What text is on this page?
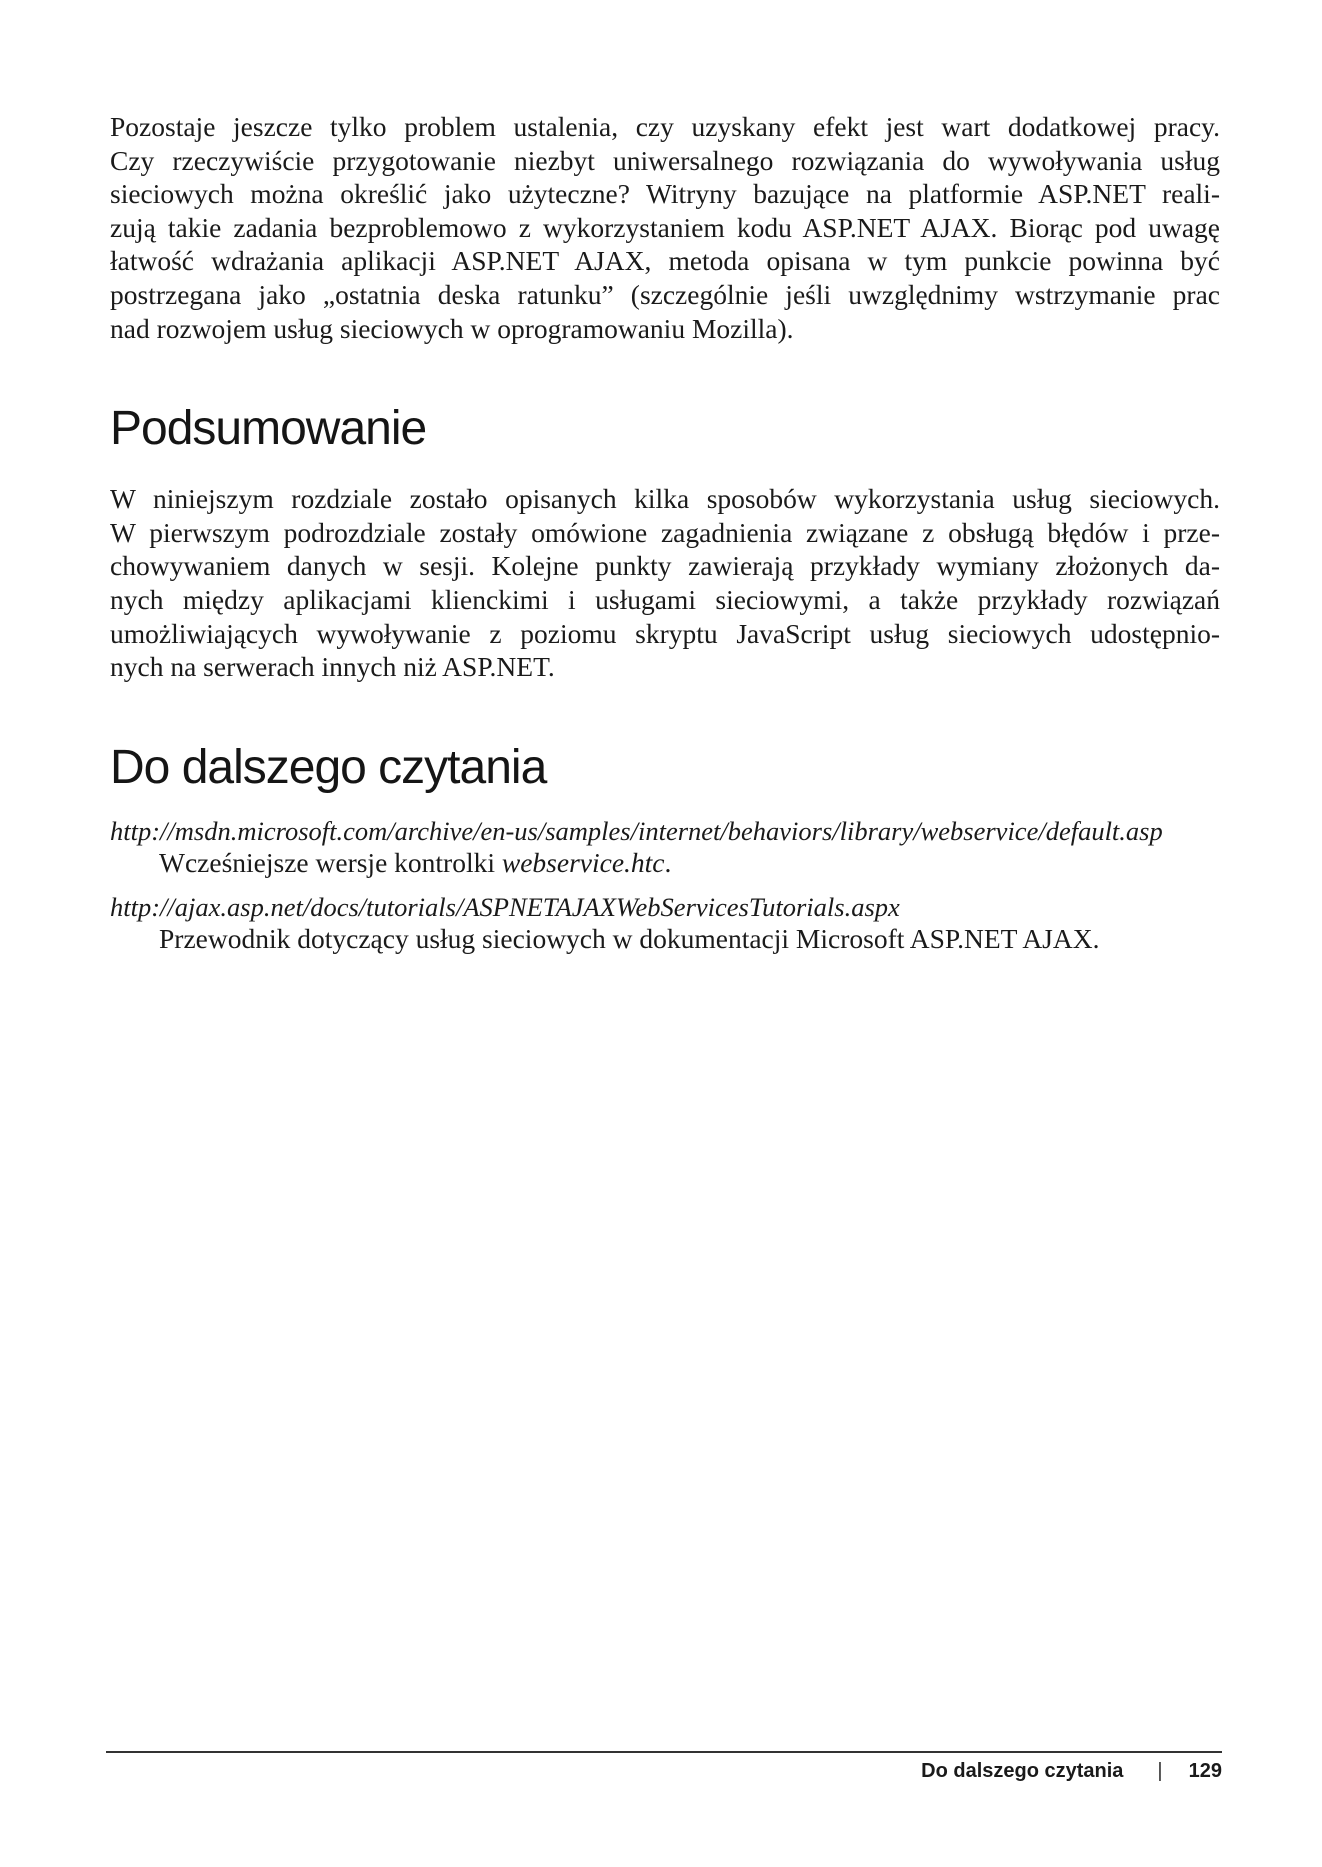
Pozostaje jeszcze tylko problem ustalenia, czy uzyskany efekt jest wart dodatkowej pracy.
Czy rzeczywiście przygotowanie niezbyt uniwersalnego rozwiązania do wywoływania usług
sieciowych można określić jako użyteczne? Witryny bazujące na platformie ASP.NET reali-
zują takie zadania bezproblemowo z wykorzystaniem kodu ASP.NET AJAX. Biorąc pod uwagę
łatwość wdrażania aplikacji ASP.NET AJAX, metoda opisana w tym punkcie powinna być
postrzegana jako „ostatnia deska ratunku” (szczególnie jeśli uwzględnimy wstrzymanie prac
nad rozwojem usług sieciowych w oprogramowaniu Mozilla).

Podsumowanie

W niniejszym rozdziale zostało opisanych kilka sposobów wykorzystania usług sieciowych.
W pierwszym podrozdziale zostały omówione zagadnienia związane z obsługą błędów i prze-
chowywaniem danych w sesji. Kolejne punkty zawierają przykłady wymiany złożonych da-
nych między aplikacjami klienckimi i usługami sieciowymi, a także przykłady rozwiązań
umożliwiających wywoływanie z poziomu skryptu JavaScript usług sieciowych udostępnio-
nych na serwerach innych niż ASP.NET.

Do dalszego czytania
http://msdn.microsoft.com/archive/en-us/samples/internet/behaviors/library/webservice/default.asp
Wcześniejsze wersje kontrolki webservice.htc.
http://ajax.asp.net/docs/tutorials/ASPNETAJAXWebServicesTutorials.aspx
Przewodnik dotyczący usług sieciowych w dokumentacji Microsoft ASP.NET AJAX.
Do dalszego czytania | 129
